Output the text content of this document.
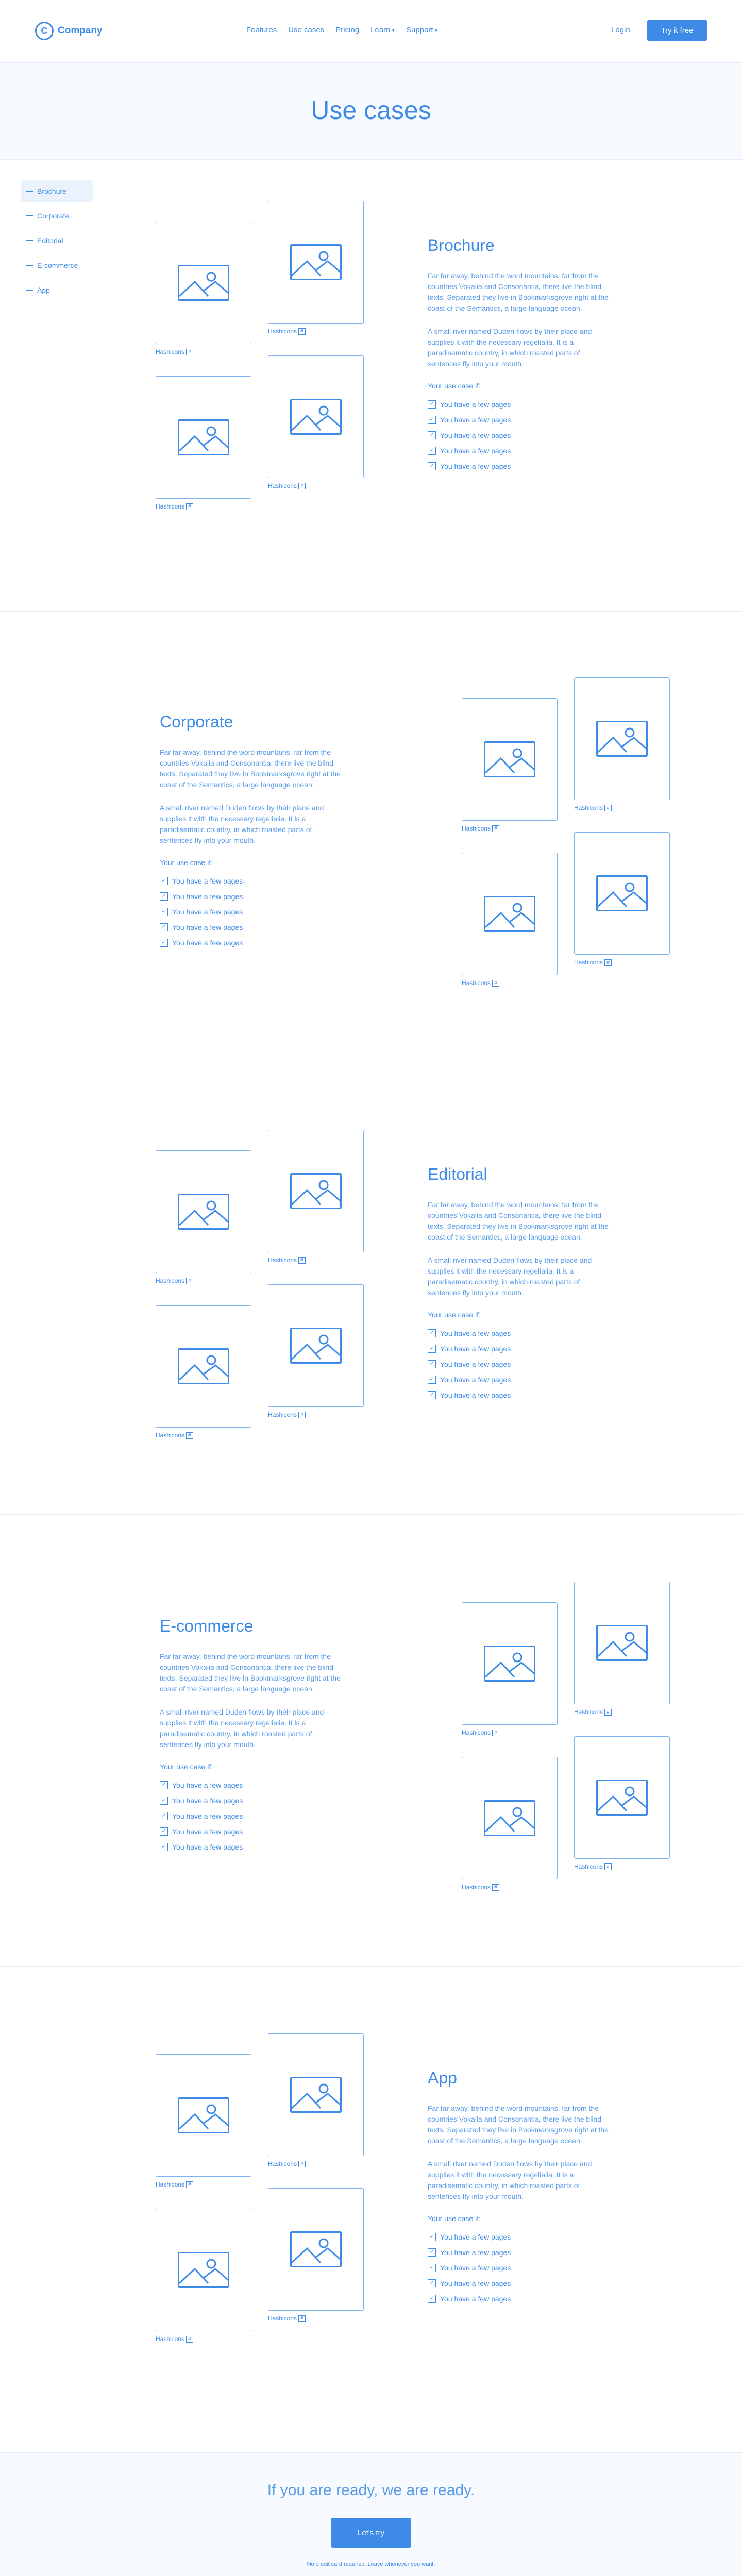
C	Company	Features Use cases Pricing Learn ▾	Support ▾	Login	Try it free
Use cases
Brochure
Corporate
Editorial
E-commerce
App
Hashicons #
Hashicons #
Hashicons #
Hashicons #
Brochure

Far far away, behind the word mountains, far from the countries Vokalia and Consonantia, there live the blind texts. Separated they live in Bookmarksgrove right at the coast of the Semantics, a large language ocean.

A small river named Duden flows by their place and supplies it with the necessary regelialia. It is a paradisematic country, in which roasted parts of sentences fly into your mouth.

Your use case if:
✓ You have a few pages
✓ You have a few pages
✓ You have a few pages
✓ You have a few pages
✓ You have a few pages
Hashicons #
Hashicons #
Hashicons #
Hashicons #
Corporate

Far far away, behind the word mountains, far from the countries Vokalia and Consonantia, there live the blind texts. Separated they live in Bookmarksgrove right at the coast of the Semantics, a large language ocean.

A small river named Duden flows by their place and supplies it with the necessary regelialia. It is a paradisematic country, in which roasted parts of sentences fly into your mouth.

Your use case if:
✓ You have a few pages
✓ You have a few pages
✓ You have a few pages
✓ You have a few pages
✓ You have a few pages
Hashicons #
Hashicons #
Hashicons #
Hashicons #
Editorial

Far far away, behind the word mountains, far from the countries Vokalia and Consonantia, there live the blind texts. Separated they live in Bookmarksgrove right at the coast of the Semantics, a large language ocean.

A small river named Duden flows by their place and supplies it with the necessary regelialia. It is a paradisematic country, in which roasted parts of sentences fly into your mouth.

Your use case if:
✓ You have a few pages
✓ You have a few pages
✓ You have a few pages
✓ You have a few pages
✓ You have a few pages
Hashicons #
Hashicons #
Hashicons #
Hashicons #
E-commerce

Far far away, behind the word mountains, far from the countries Vokalia and Consonantia, there live the blind texts. Separated they live in Bookmarksgrove right at the coast of the Semantics, a large language ocean.

A small river named Duden flows by their place and supplies it with the necessary regelialia. It is a paradisematic country, in which roasted parts of sentences fly into your mouth.

Your use case if:
✓ You have a few pages
✓ You have a few pages
✓ You have a few pages
✓ You have a few pages
✓ You have a few pages
Hashicons #
Hashicons #
Hashicons #
Hashicons #
App

Far far away, behind the word mountains, far from the countries Vokalia and Consonantia, there live the blind texts. Separated they live in Bookmarksgrove right at the coast of the Semantics, a large language ocean.

A small river named Duden flows by their place and supplies it with the necessary regelialia. It is a paradisematic country, in which roasted parts of sentences fly into your mouth.

Your use case if:
✓ You have a few pages
✓ You have a few pages
✓ You have a few pages
✓ You have a few pages
✓ You have a few pages
If you are ready, we are ready.
Let's try
No credit card required. Leave whenever you want.
